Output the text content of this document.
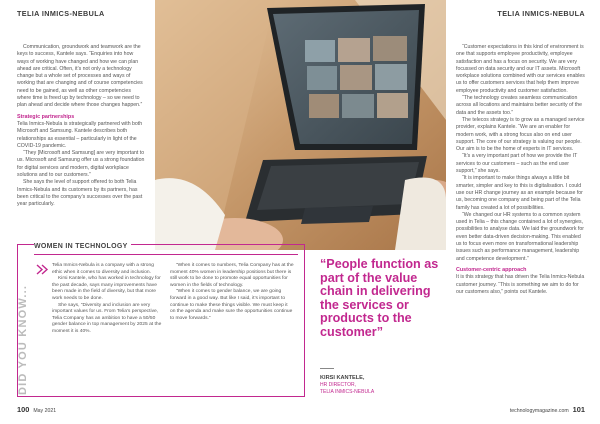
TELIA INMICS-NEBULA	TELIA INMICS-NEBULA

Communication, groundwork and teamwork are the keys to success, Kantele says. “Enquiries into how ways of working have changed and how we can plan ahead are critical. Often, it’s not only a technology change but a whole set of processes and ways of working that are changing and of course competencies need to be gained, as well as other competencies where time is freed up by technology – so we need to plan ahead and decide where those changes happen.”

Strategic partnerships

Telia Inmics-Nebula is strategically partnered with both Microsoft and Samsung. Kantele describes both relationships as essential – particularly in light of the COVID-19 pandemic.

“They [Microsoft and Samsung] are very important to us. Microsoft and Samsung offer us a strong foundation for digital services and modern, digital workplace solutions and to our customers.”

She says the level of support offered to both Telia Inmics-Nebula and its customers by its partners, has been critical to the company’s successes over the past year particularly.

“Customer expectations in this kind of environment is one that supports employee productivity, employee satisfaction and has a focus on security. We are very focussed on data security and our IT assets. Microsoft workplace solutions combined with our services enables us to offer customers services that help them improve employee productivity and customer satisfaction.

“The technology creates seamless communication across all locations and maintains better security of the data and the assets too.”

The telecos strategy is to grow as a managed service provider, explains Kantele. “We are an enabler for modern work, with a strong focus also on end user support. The core of our strategy is valuing our people. Our aim is to be the home of experts in IT services.

“It’s a very important part of how we provide the IT services to our customers – such as the end user support,” she says.

“It is important to make things always a little bit smarter, simpler and key to this is digitalisation. I could use our HR change journey as an example because for us, becoming one company and being part of the Telia family has created a lot of possibilities.

“We changed our HR systems to a common system used in Telia – this change contained a lot of synergies, possibilities to analyse data. We laid the groundwork for even better data-driven decision-making. This enabled us to focus even more on transformational leadership issues such as performance management, leadership and competence development.”

Customer-centric approach

It is this strategy that has driven the Telia Inmics-Nebula customer journey. “This is something we aim to do for our customers also,” points out Kantele.

WOMEN IN TECHNOLOGY
DID YOU KNOW...

Telia Inmics-Nebula is a company with a strong ethic when it comes to diversity and inclusion.

Kirsi Kantele, who has worked in technology for the past decade, says many improvements have been made in the field of diversity, but that more work needs to be done.

She says, “Diversity and inclusion are very important values for us. From Telia’s perspective, Telia Company has an ambition to have a 50/50 gender balance in top management by 2025 at the moment it is 40%.

“When it comes to numbers, Telia Company has at the moment 40% women in leadership positions but there is still work to be done to promote equal opportunities for women in the fields of technology.

“When it comes to gender balance, we are going forward in a good way. But like I said, it’s important to continue to make these things visible. We must keep it on the agenda and make sure the opportunities continue to move forwards.”

“People function as part of the value chain in delivering the services or products to the customer”
KIRSI KANTELE,
HR DIRECTOR,
TELIA INMICS-NEBULA
100 May 2021	technologymagazine.com 101
